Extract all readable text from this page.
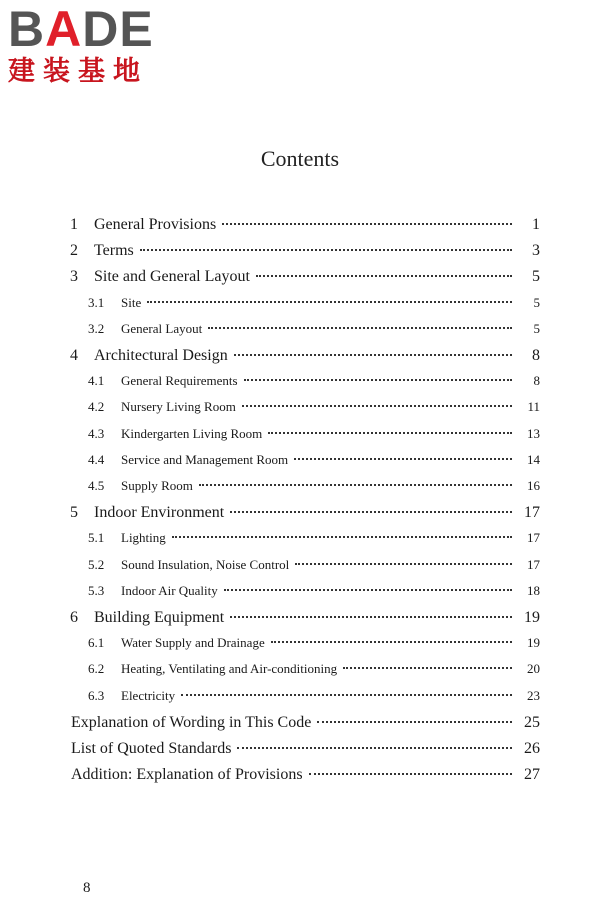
BADE
建装基地
Contents
1	General Provisions	1
2	Terms	3
3	Site and General Layout	5
3.1	Site	5
3.2	General Layout	5
4	Architectural Design	8
4.1	General Requirements	8
4.2	Nursery Living Room	11
4.3	Kindergarten Living Room	13
4.4	Service and Management Room	14
4.5	Supply Room	16
5	Indoor Environment	17
5.1	Lighting	17
5.2	Sound Insulation, Noise Control	17
5.3	Indoor Air Quality	18
6	Building Equipment	19
6.1	Water Supply and Drainage	19
6.2	Heating, Ventilating and Air-conditioning	20
6.3	Electricity	23
Explanation of Wording in This Code	25
List of Quoted Standards	26
Addition: Explanation of Provisions	27
8
